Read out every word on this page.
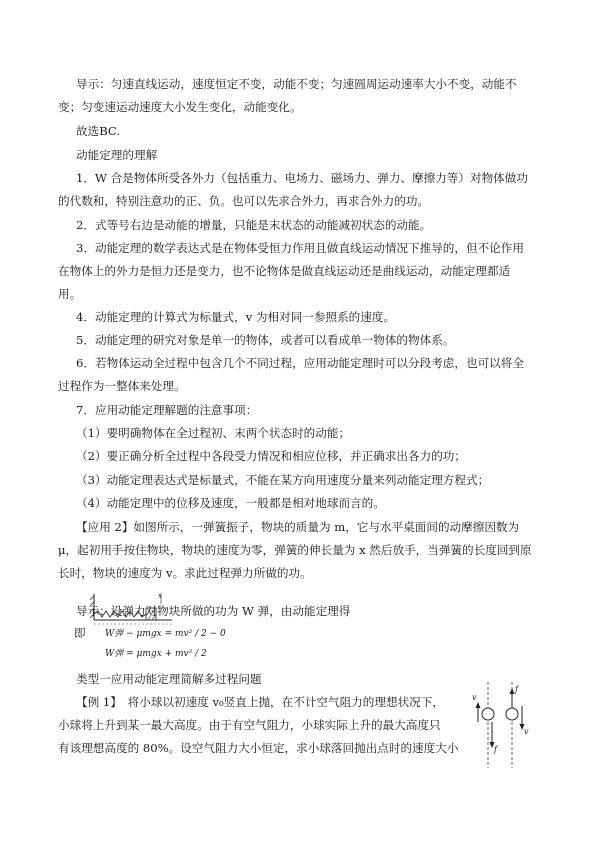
导示：匀速直线运动，速度恒定不变，动能不变；匀速圆周运动速率大小不变，动能不
变；匀变速运动速度大小发生变化，动能变化。
故选BC.
动能定理的理解
1．W 合是物体所受各外力（包括重力、电场力、磁场力、弹力、摩擦力等）对物体做功
的代数和，特别注意功的正、负。也可以先求合外力，再求合外力的功。
2．式等号右边是动能的增量，只能是末状态的动能减初状态的动能。
3．动能定理的数学表达式是在物体受恒力作用且做直线运动情况下推导的，但不论作用
在物体上的外力是恒力还是变力，也不论物体是做直线运动还是曲线运动，动能定理都适
用。
4．动能定理的计算式为标量式，v 为相对同一参照系的速度。
5．动能定理的研究对象是单一的物体，或者可以看成单一物体的物体系。
6．若物体运动全过程中包含几个不同过程，应用动能定理时可以分段考虑，也可以将全
过程作为一整体来处理。
7．应用动能定理解题的注意事项：
（1）要明确物体在全过程初、末两个状态时的动能；
（2）要正确分析全过程中各段受力情况和相应位移，并正确求出各力的功；
（3）动能定理表达式是标量式，不能在某方向用速度分量来列动能定理方程式；
（4）动能定理中的位移及速度，一般都是相对地球而言的。
【应用 2】如图所示，一弹簧振子，物块的质量为 m，它与水平桌面间的动摩擦因数为
μ，起初用手按住物块，物块的速度为零，弹簧的伸长量为 x 然后放手，当弹簧的长度回到原
长时，物块的速度为 v。求此过程弹力所做的功。
x
导示：设弹力对物块所做的功为 W 弹，由动能定理得
即	W弹 − μmgx = mv² / 2 − 0
W弹 = μmgx + mv² / 2
类型一应用动能定理简解多过程问题
【例 1】　将小球以初速度 v₀竖直上抛，在不计空气阻力的理想状况下，
小球将上升到某一最大高度。由于有空气阻力，小球实际上升的最大高度只
有该理想高度的 80%。设空气阻力大小恒定，求小球落回抛出点时的速度大小
v
f
f
v
